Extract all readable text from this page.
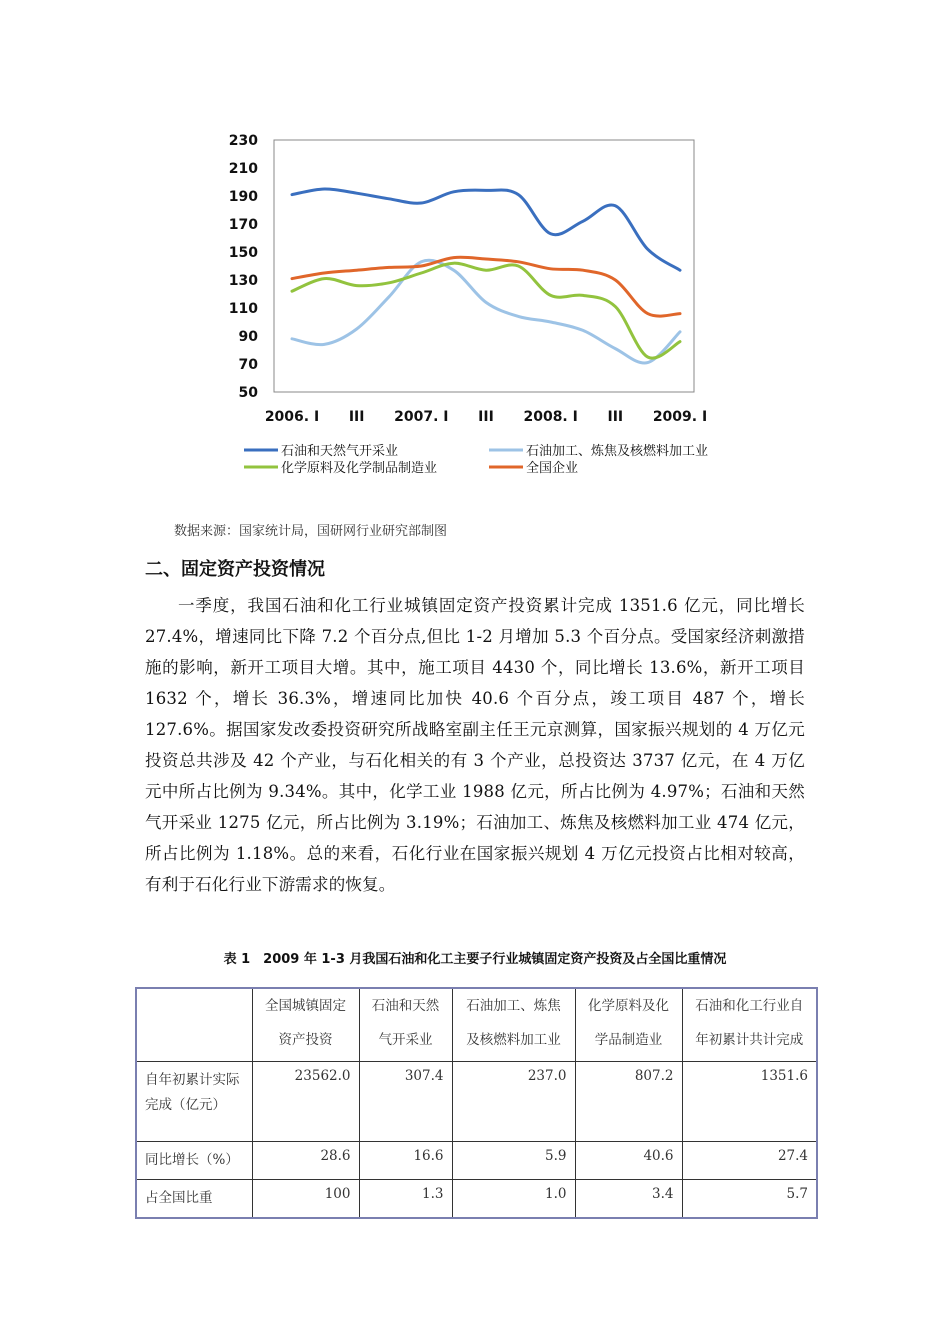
230
210
190
170
150
130
110
90
70
50
2006. I III 2007. I III 2008. I III 2009. I
石油和天然气开采业	石油加工、炼焦及核燃料加工业
化学原料及化学制品制造业	全国企业
数据来源：国家统计局，国研网行业研究部制图
二、固定资产投资情况

一季度，我国石油和化工行业城镇固定资产投资累计完成 1351.6 亿元，同比增长 27.4%，增速同比下降 7.2 个百分点,但比 1-2 月增加 5.3 个百分点。受国家经济刺激措施的影响，新开工项目大增。其中，施工项目 4430 个，同比增长 13.6%，新开工项目 1632 个，增长 36.3%，增速同比加快 40.6 个百分点，竣工项目 487 个，增长 127.6%。据国家发改委投资研究所战略室副主任王元京测算，国家振兴规划的 4 万亿元投资总共涉及 42 个产业，与石化相关的有 3 个产业，总投资达 3737 亿元，在 4 万亿元中所占比例为 9.34%。其中，化学工业 1988 亿元，所占比例为 4.97%；石油和天然气开采业 1275 亿元，所占比例为 3.19%；石油加工、炼焦及核燃料加工业 474 亿元，所占比例为 1.18%。总的来看，石化行业在国家振兴规划 4 万亿元投资占比相对较高，有利于石化行业下游需求的恢复。

表 1　2009 年 1-3 月我国石油和化工主要子行业城镇固定资产投资及占全国比重情况
	全国城镇固定资产投资	石油和天然气开采业	石油加工、炼焦及核燃料加工业	化学原料及化学品制造业	石油和化工行业自年初累计共计完成
自年初累计实际完成（亿元）	23562.0	307.4	237.0	807.2	1351.6
同比增长（%）	28.6	16.6	5.9	40.6	27.4
占全国比重	100	1.3	1.0	3.4	5.7
